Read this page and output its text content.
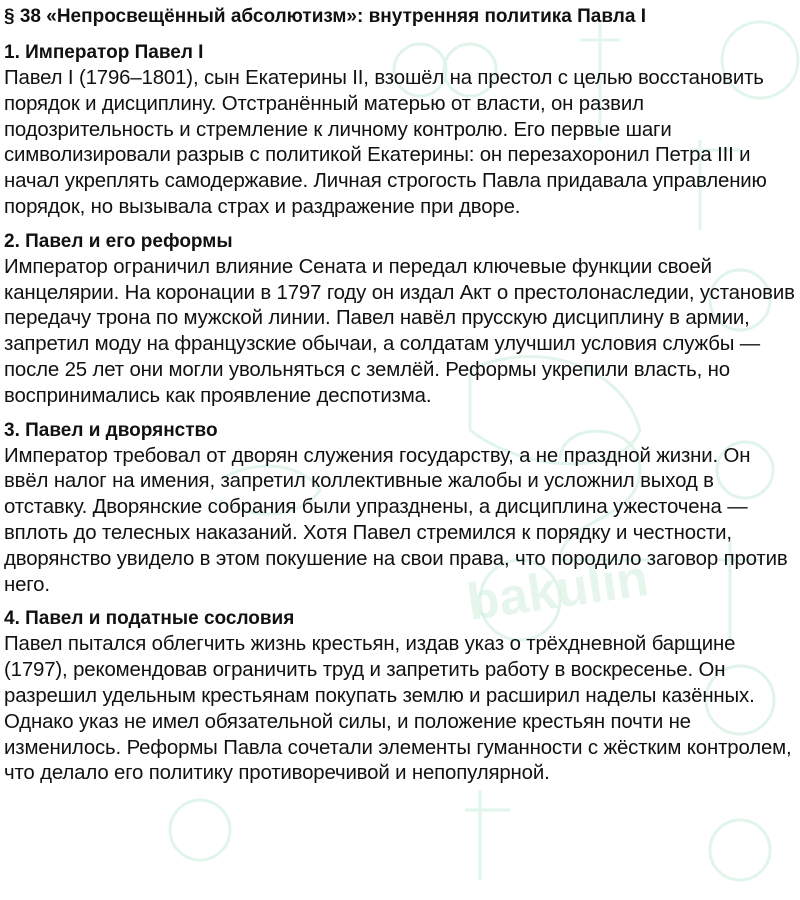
bakulin
§ 38 «Непросвещённый абсолютизм»: внутренняя политика Павла I
1. Император Павел I

Павел I (1796–1801), сын Екатерины II, взошёл на престол с целью восстановить порядок и дисциплину. Отстранённый матерью от власти, он развил подозрительность и стремление к личному контролю. Его первые шаги символизировали разрыв с политикой Екатерины: он перезахоронил Петра III и начал укреплять самодержавие. Личная строгость Павла придавала управлению порядок, но вызывала страх и раздражение при дворе.

2. Павел и его реформы

Император ограничил влияние Сената и передал ключевые функции своей канцелярии. На коронации в 1797 году он издал Акт о престолонаследии, установив передачу трона по мужской линии. Павел навёл прусскую дисциплину в армии, запретил моду на французские обычаи, а солдатам улучшил условия службы — после 25 лет они могли увольняться с землёй. Реформы укрепили власть, но воспринимались как проявление деспотизма.

3. Павел и дворянство

Император требовал от дворян служения государству, а не праздной жизни. Он ввёл налог на имения, запретил коллективные жалобы и усложнил выход в отставку. Дворянские собрания были упразднены, а дисциплина ужесточена — вплоть до телесных наказаний. Хотя Павел стремился к порядку и честности, дворянство увидело в этом покушение на свои права, что породило заговор против него.

4. Павел и податные сословия

Павел пытался облегчить жизнь крестьян, издав указ о трёхдневной барщине (1797), рекомендовав ограничить труд и запретить работу в воскресенье. Он разрешил удельным крестьянам покупать землю и расширил наделы казённых. Однако указ не имел обязательной силы, и положение крестьян почти не изменилось. Реформы Павла сочетали элементы гуманности с жёстким контролем, что делало его политику противоречивой и непопулярной.
